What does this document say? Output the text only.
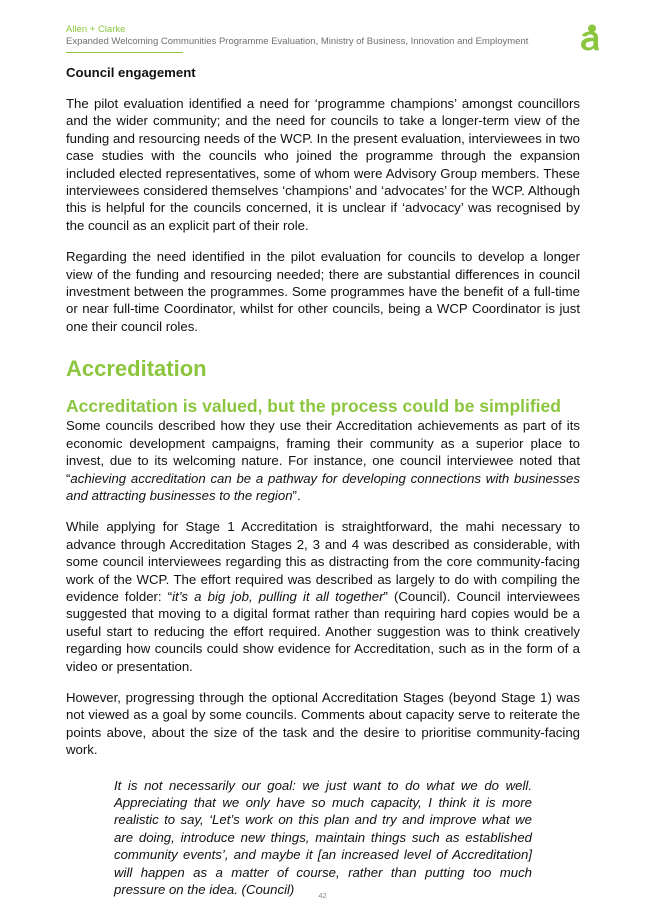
Allen + Clarke
Expanded Welcoming Communities Programme Evaluation, Ministry of Business, Innovation and Employment
Council engagement

The pilot evaluation identified a need for ‘programme champions’ amongst councillors and the wider community; and the need for councils to take a longer-term view of the funding and resourcing needs of the WCP. In the present evaluation, interviewees in two case studies with the councils who joined the programme through the expansion included elected representatives, some of whom were Advisory Group members. These interviewees considered themselves ‘champions’ and ‘advocates’ for the WCP. Although this is helpful for the councils concerned, it is unclear if ‘advocacy’ was recognised by the council as an explicit part of their role.

Regarding the need identified in the pilot evaluation for councils to develop a longer view of the funding and resourcing needed; there are substantial differences in council investment between the programmes. Some programmes have the benefit of a full-time or near full-time Coordinator, whilst for other councils, being a WCP Coordinator is just one their council roles.

Accreditation
Accreditation is valued, but the process could be simplified

Some councils described how they use their Accreditation achievements as part of its economic development campaigns, framing their community as a superior place to invest, due to its welcoming nature. For instance, one council interviewee noted that “achieving accreditation can be a pathway for developing connections with businesses and attracting businesses to the region”.

While applying for Stage 1 Accreditation is straightforward, the mahi necessary to advance through Accreditation Stages 2, 3 and 4 was described as considerable, with some council interviewees regarding this as distracting from the core community-facing work of the WCP. The effort required was described as largely to do with compiling the evidence folder: “it’s a big job, pulling it all together” (Council). Council interviewees suggested that moving to a digital format rather than requiring hard copies would be a useful start to reducing the effort required. Another suggestion was to think creatively regarding how councils could show evidence for Accreditation, such as in the form of a video or presentation.

However, progressing through the optional Accreditation Stages (beyond Stage 1) was not viewed as a goal by some councils. Comments about capacity serve to reiterate the points above, about the size of the task and the desire to prioritise community-facing work.

It is not necessarily our goal: we just want to do what we do well. Appreciating that we only have so much capacity, I think it is more realistic to say, ‘Let’s work on this plan and try and improve what we are doing, introduce new things, maintain things such as established community events’, and maybe it [an increased level of Accreditation] will happen as a matter of course, rather than putting too much pressure on the idea. (Council)	42
